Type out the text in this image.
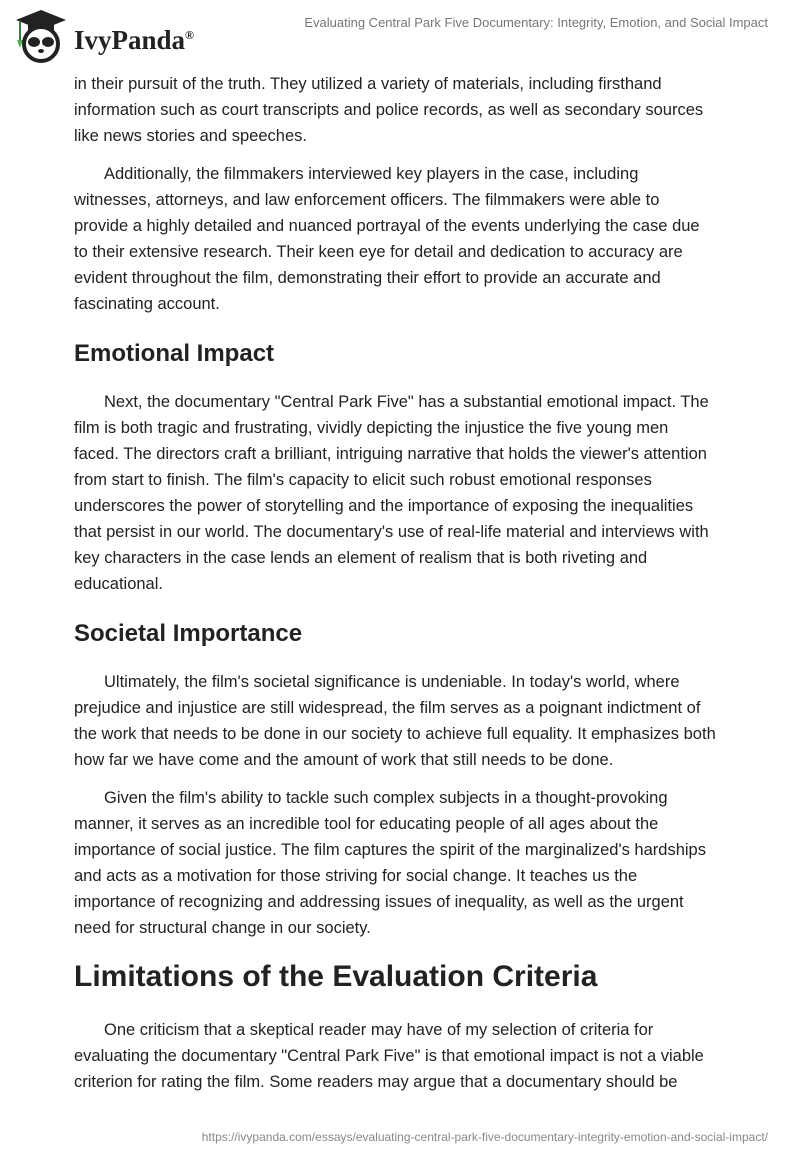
IvyPanda®
Evaluating Central Park Five Documentary: Integrity, Emotion, and Social Impact

in their pursuit of the truth. They utilized a variety of materials, including firsthand
information such as court transcripts and police records, as well as secondary sources
like news stories and speeches.

Additionally, the filmmakers interviewed key players in the case, including
witnesses, attorneys, and law enforcement officers. The filmmakers were able to
provide a highly detailed and nuanced portrayal of the events underlying the case due
to their extensive research. Their keen eye for detail and dedication to accuracy are
evident throughout the film, demonstrating their effort to provide an accurate and
fascinating account.

Emotional Impact

Next, the documentary "Central Park Five" has a substantial emotional impact. The
film is both tragic and frustrating, vividly depicting the injustice the five young men
faced. The directors craft a brilliant, intriguing narrative that holds the viewer's attention
from start to finish. The film's capacity to elicit such robust emotional responses
underscores the power of storytelling and the importance of exposing the inequalities
that persist in our world. The documentary's use of real-life material and interviews with
key characters in the case lends an element of realism that is both riveting and
educational.

Societal Importance

Ultimately, the film's societal significance is undeniable. In today's world, where
prejudice and injustice are still widespread, the film serves as a poignant indictment of
the work that needs to be done in our society to achieve full equality. It emphasizes both
how far we have come and the amount of work that still needs to be done.

Given the film's ability to tackle such complex subjects in a thought-provoking
manner, it serves as an incredible tool for educating people of all ages about the
importance of social justice. The film captures the spirit of the marginalized's hardships
and acts as a motivation for those striving for social change. It teaches us the
importance of recognizing and addressing issues of inequality, as well as the urgent
need for structural change in our society.

Limitations of the Evaluation Criteria

One criticism that a skeptical reader may have of my selection of criteria for
evaluating the documentary "Central Park Five" is that emotional impact is not a viable
criterion for rating the film. Some readers may argue that a documentary should be

https://ivypanda.com/essays/evaluating-central-park-five-documentary-integrity-emotion-and-social-impact/
